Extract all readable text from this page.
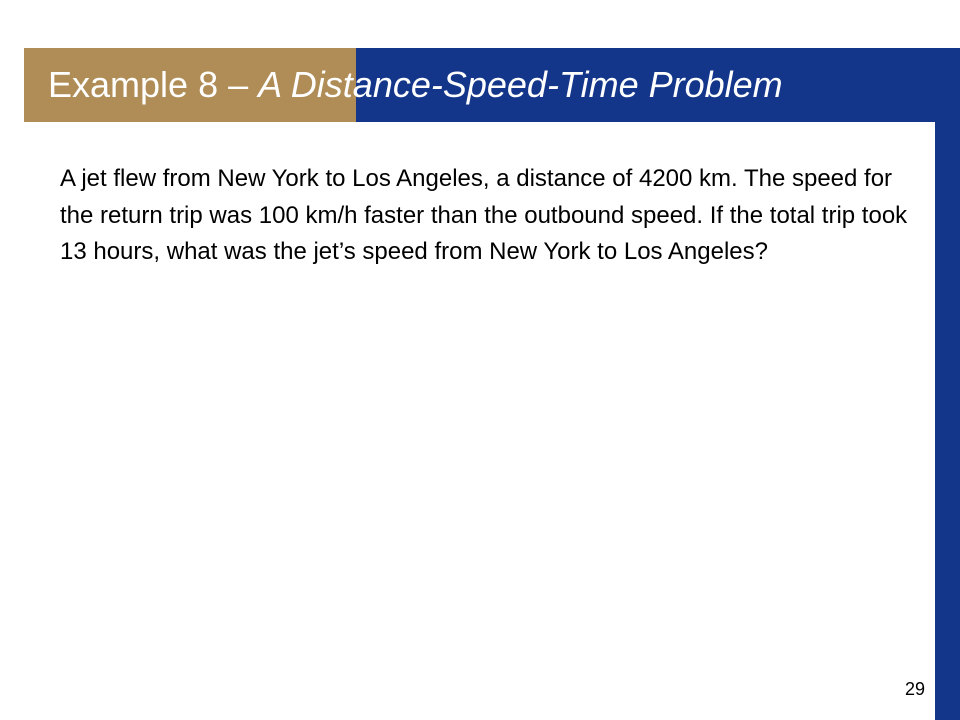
Example 8 – A Distance-Speed-Time Problem

A jet flew from New York to Los Angeles, a distance of 4200 km. The speed for the return trip was 100 km/h faster than the outbound speed. If the total trip took 13 hours, what was the jet’s speed from New York to Los Angeles?

29
